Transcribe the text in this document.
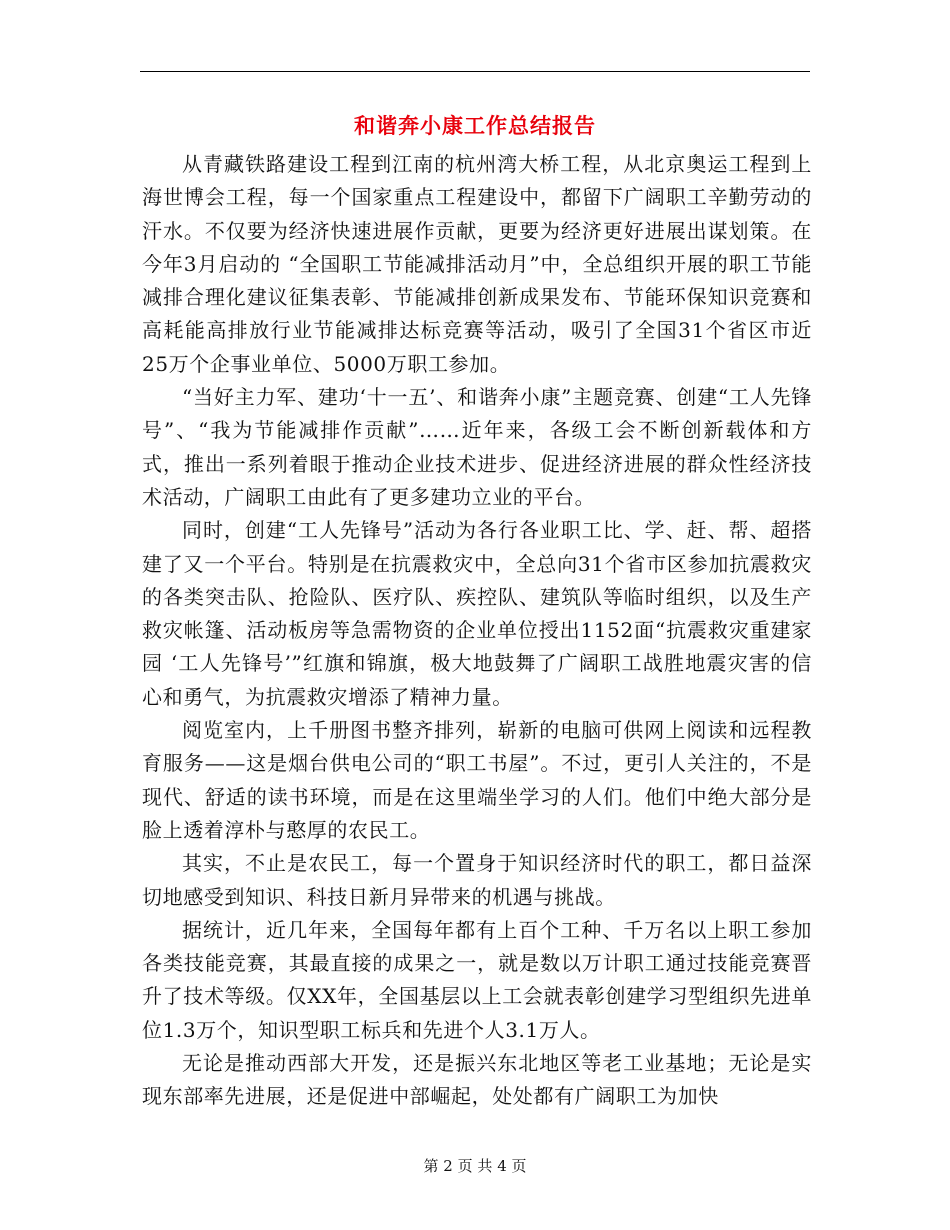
和谐奔小康工作总结报告

从青藏铁路建设工程到江南的杭州湾大桥工程，从北京奥运工程到上海世博会工程，每一个国家重点工程建设中，都留下广阔职工辛勤劳动的汗水。不仅要为经济快速进展作贡献，更要为经济更好进展出谋划策。在今年3月启动的 “全国职工节能减排活动月”中，全总组织开展的职工节能减排合理化建议征集表彰、节能减排创新成果发布、节能环保知识竞赛和高耗能高排放行业节能减排达标竞赛等活动，吸引了全国31个省区市近25万个企事业单位、5000万职工参加。

“当好主力军、建功‘十一五’、和谐奔小康”主题竞赛、创建“工人先锋号”、“我为节能减排作贡献”……近年来，各级工会不断创新载体和方式，推出一系列着眼于推动企业技术进步、促进经济进展的群众性经济技术活动，广阔职工由此有了更多建功立业的平台。

同时，创建“工人先锋号”活动为各行各业职工比、学、赶、帮、超搭建了又一个平台。特别是在抗震救灾中，全总向31个省市区参加抗震救灾的各类突击队、抢险队、医疗队、疾控队、建筑队等临时组织，以及生产救灾帐篷、活动板房等急需物资的企业单位授出1152面“抗震救灾重建家园 ‘工人先锋号’”红旗和锦旗，极大地鼓舞了广阔职工战胜地震灾害的信心和勇气，为抗震救灾增添了精神力量。

阅览室内，上千册图书整齐排列，崭新的电脑可供网上阅读和远程教育服务——这是烟台供电公司的“职工书屋”。不过，更引人关注的，不是现代、舒适的读书环境，而是在这里端坐学习的人们。他们中绝大部分是脸上透着淳朴与憨厚的农民工。

其实，不止是农民工，每一个置身于知识经济时代的职工，都日益深切地感受到知识、科技日新月异带来的机遇与挑战。

据统计，近几年来，全国每年都有上百个工种、千万名以上职工参加各类技能竞赛，其最直接的成果之一，就是数以万计职工通过技能竞赛晋升了技术等级。仅XX年，全国基层以上工会就表彰创建学习型组织先进单位1.3万个，知识型职工标兵和先进个人3.1万人。

无论是推动西部大开发，还是振兴东北地区等老工业基地；无论是实现东部率先进展，还是促进中部崛起，处处都有广阔职工为加快

第 2 页 共 4 页
